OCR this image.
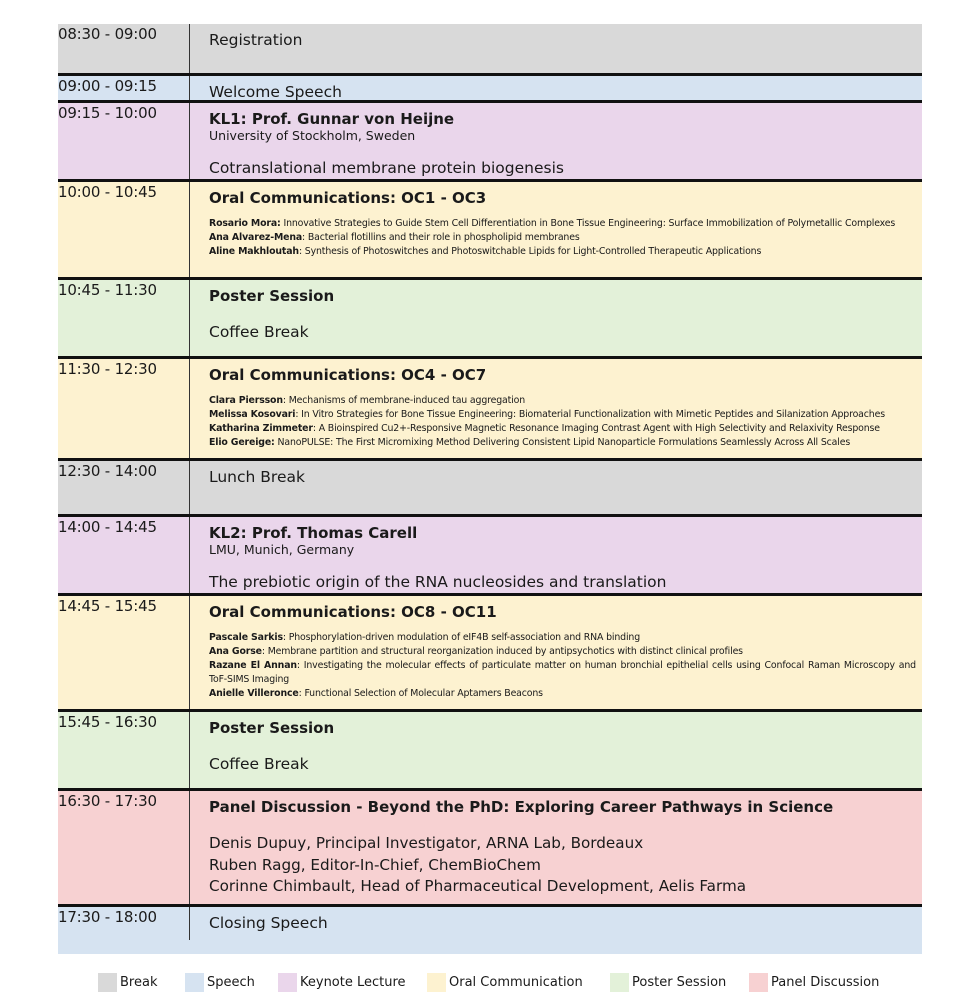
08:30 - 09:00	Registration
09:00 - 09:15	Welcome Speech
09:15 - 10:00	KL1: Prof. Gunnar von Heijne
University of Stockholm, Sweden
Cotranslational membrane protein biogenesis
10:00 - 10:45	Oral Communications: OC1 - OC3
Rosario Mora: Innovative Strategies to Guide Stem Cell Differentiation in Bone Tissue Engineering: Surface Immobilization of Polymetallic Complexes
Ana Alvarez-Mena: Bacterial flotillins and their role in phospholipid membranes
Aline Makhloutah: Synthesis of Photoswitches and Photoswitchable Lipids for Light-Controlled Therapeutic Applications
10:45 - 11:30	Poster Session
Coffee Break
11:30 - 12:30	Oral Communications: OC4 - OC7
Clara Piersson: Mechanisms of membrane-induced tau aggregation
Melissa Kosovari: In Vitro Strategies for Bone Tissue Engineering: Biomaterial Functionalization with Mimetic Peptides and Silanization Approaches
Katharina Zimmeter: A Bioinspired Cu2+-Responsive Magnetic Resonance Imaging Contrast Agent with High Selectivity and Relaxivity Response
Elio Gereige: NanoPULSE: The First Micromixing Method Delivering Consistent Lipid Nanoparticle Formulations Seamlessly Across All Scales
12:30 - 14:00	Lunch Break
14:00 - 14:45	KL2: Prof. Thomas Carell
LMU, Munich, Germany
The prebiotic origin of the RNA nucleosides and translation
14:45 - 15:45	Oral Communications: OC8 - OC11
Pascale Sarkis: Phosphorylation-driven modulation of eIF4B self-association and RNA binding
Ana Gorse: Membrane partition and structural reorganization induced by antipsychotics with distinct clinical profiles
Razane El Annan: Investigating the molecular effects of particulate matter on human bronchial epithelial cells using Confocal Raman Microscopy and ToF-SIMS Imaging
Anielle Villeronce: Functional Selection of Molecular Aptamers Beacons
15:45 - 16:30	Poster Session
Coffee Break
16:30 - 17:30	Panel Discussion - Beyond the PhD: Exploring Career Pathways in Science
Denis Dupuy, Principal Investigator, ARNA Lab, Bordeaux
Ruben Ragg, Editor-In-Chief, ChemBioChem
Corinne Chimbault, Head of Pharmaceutical Development, Aelis Farma
17:30 - 18:00	Closing Speech
Break	Speech	Keynote Lecture	Oral Communication	Poster Session	Panel Discussion
